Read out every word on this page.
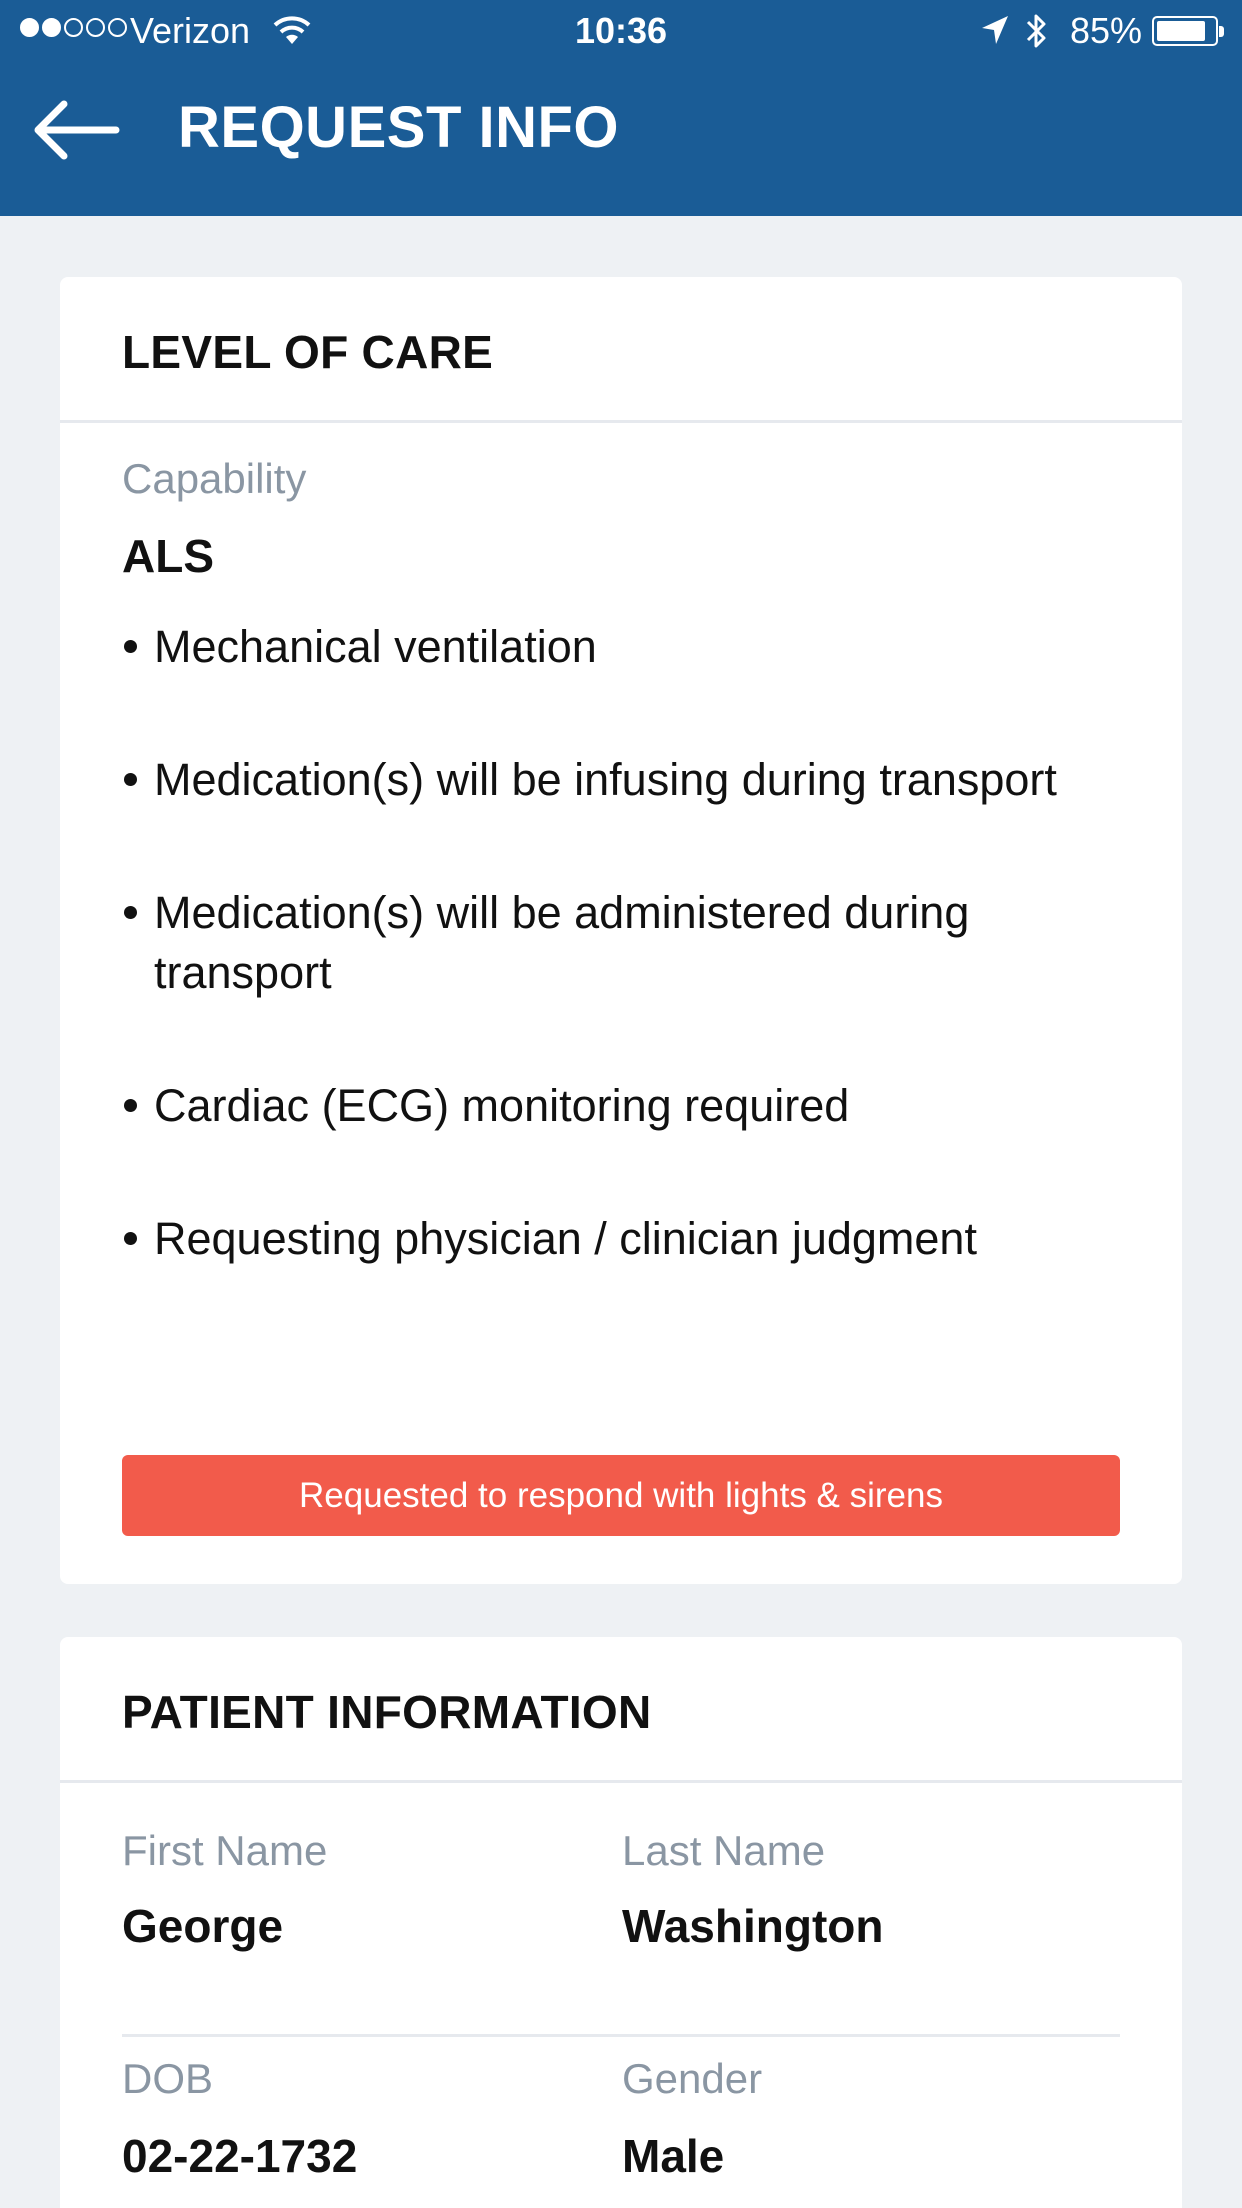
Verizon	10:36	85%
REQUEST INFO
LEVEL OF CARE
Capability
ALS
Mechanical ventilation
Medication(s) will be infusing during transport
Medication(s) will be administered during transport
Cardiac (ECG) monitoring required
Requesting physician / clinician judgment
Requested to respond with lights & sirens
PATIENT INFORMATION
First Name
George
Last Name
Washington
DOB
02-22-1732
Gender
Male
